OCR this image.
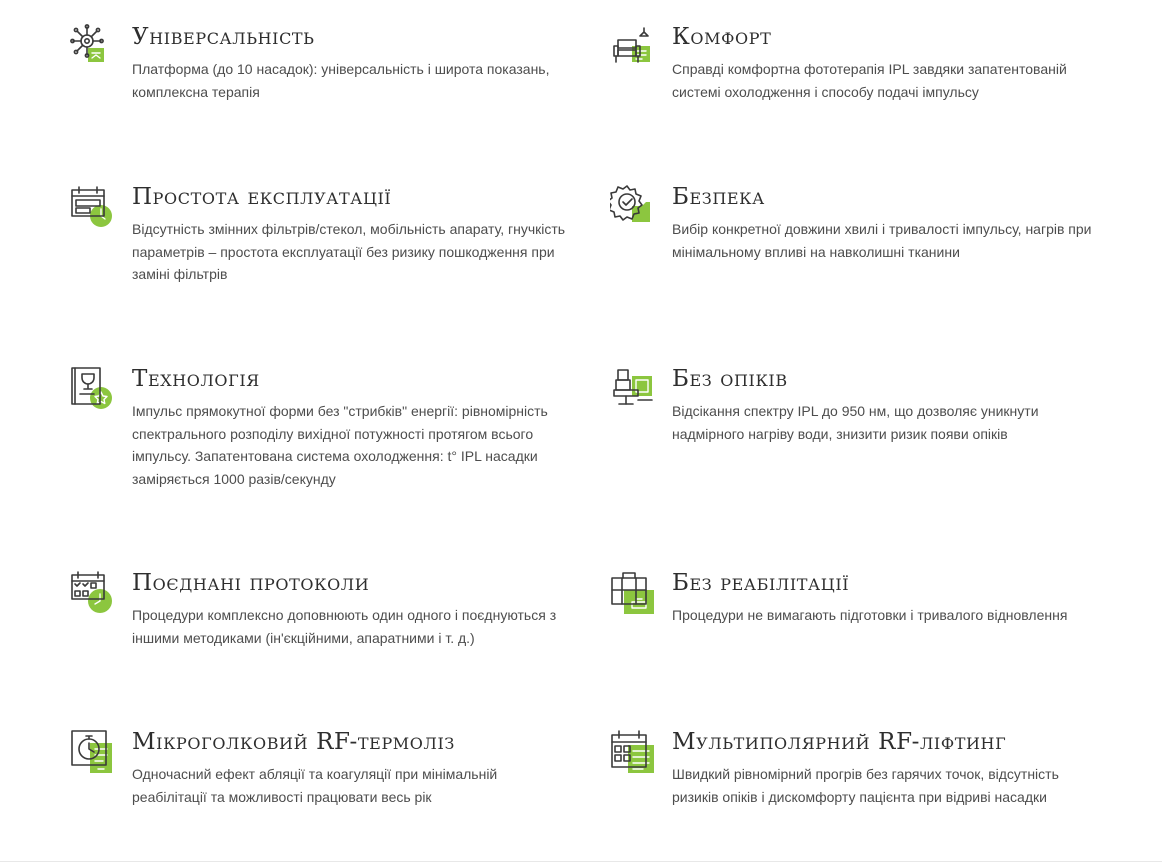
Універсальність
Платформа (до 10 насадок): універсальність і широта показань, комплексна терапія
Комфорт
Справді комфортна фототерапія IPL завдяки запатентованій системі охолодження і способу подачі імпульсу
Простота експлуатації
Відсутність змінних фільтрів/стекол, мобільність апарату, гнучкість параметрів – простота експлуатації без ризику пошкодження при заміні фільтрів
Безпека
Вибір конкретної довжини хвилі і тривалості імпульсу, нагрів при мінімальному впливі на навколишні тканини
Технологія
Імпульс прямокутної форми без "стрибків" енергії: рівномірність спектрального розподілу вихідної потужності протягом всього імпульсу. Запатентована система охолодження: t° IPL насадки заміряється 1000 разів/секунду
Без опіків
Відсікання спектру IPL до 950 нм, що дозволяє уникнути надмірного нагріву води, знизити ризик появи опіків
Поєднані протоколи
Процедури комплексно доповнюють один одного і поєднуються з іншими методиками (ін'єкційними, апаратними і т. д.)
Без реабілітації
Процедури не вимагають підготовки і тривалого відновлення
Мікроголковий RF-термоліз
Одночасний ефект абляції та коагуляції при мінімальній реабілітації та можливості працювати весь рік
Мультиполярний RF-ліфтинг
Швидкий рівномірний прогрів без гарячих точок, відсутність ризиків опіків і дискомфорту пацієнта при відриві насадки
